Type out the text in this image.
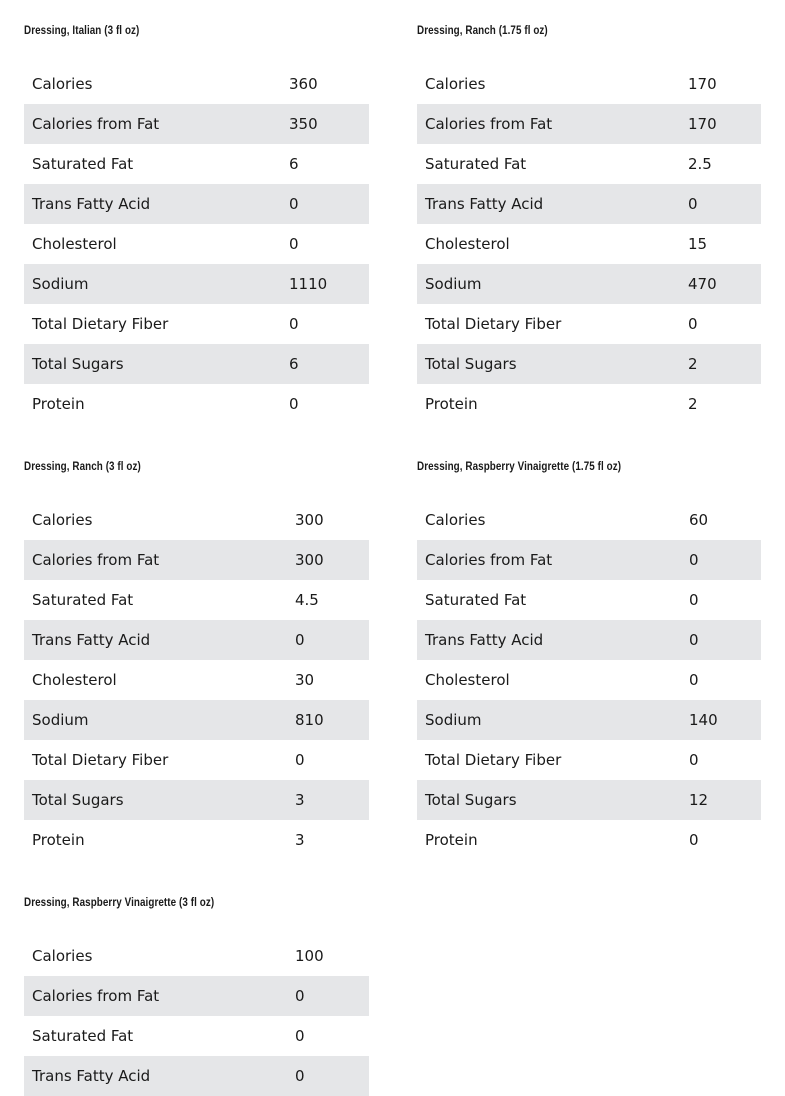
Dressing, Italian (3 fl oz)
Calories	360
Calories from Fat	350
Saturated Fat	6
Trans Fatty Acid	0
Cholesterol	0
Sodium	1110
Total Dietary Fiber	0
Total Sugars	6
Protein	0
Dressing, Ranch (1.75 fl oz)
Calories	170
Calories from Fat	170
Saturated Fat	2.5
Trans Fatty Acid	0
Cholesterol	15
Sodium	470
Total Dietary Fiber	0
Total Sugars	2
Protein	2
Dressing, Ranch (3 fl oz)
Calories	300
Calories from Fat	300
Saturated Fat	4.5
Trans Fatty Acid	0
Cholesterol	30
Sodium	810
Total Dietary Fiber	0
Total Sugars	3
Protein	3
Dressing, Raspberry Vinaigrette (1.75 fl oz)
Calories	60
Calories from Fat	0
Saturated Fat	0
Trans Fatty Acid	0
Cholesterol	0
Sodium	140
Total Dietary Fiber	0
Total Sugars	12
Protein	0
Dressing, Raspberry Vinaigrette (3 fl oz)
Calories	100
Calories from Fat	0
Saturated Fat	0
Trans Fatty Acid	0
